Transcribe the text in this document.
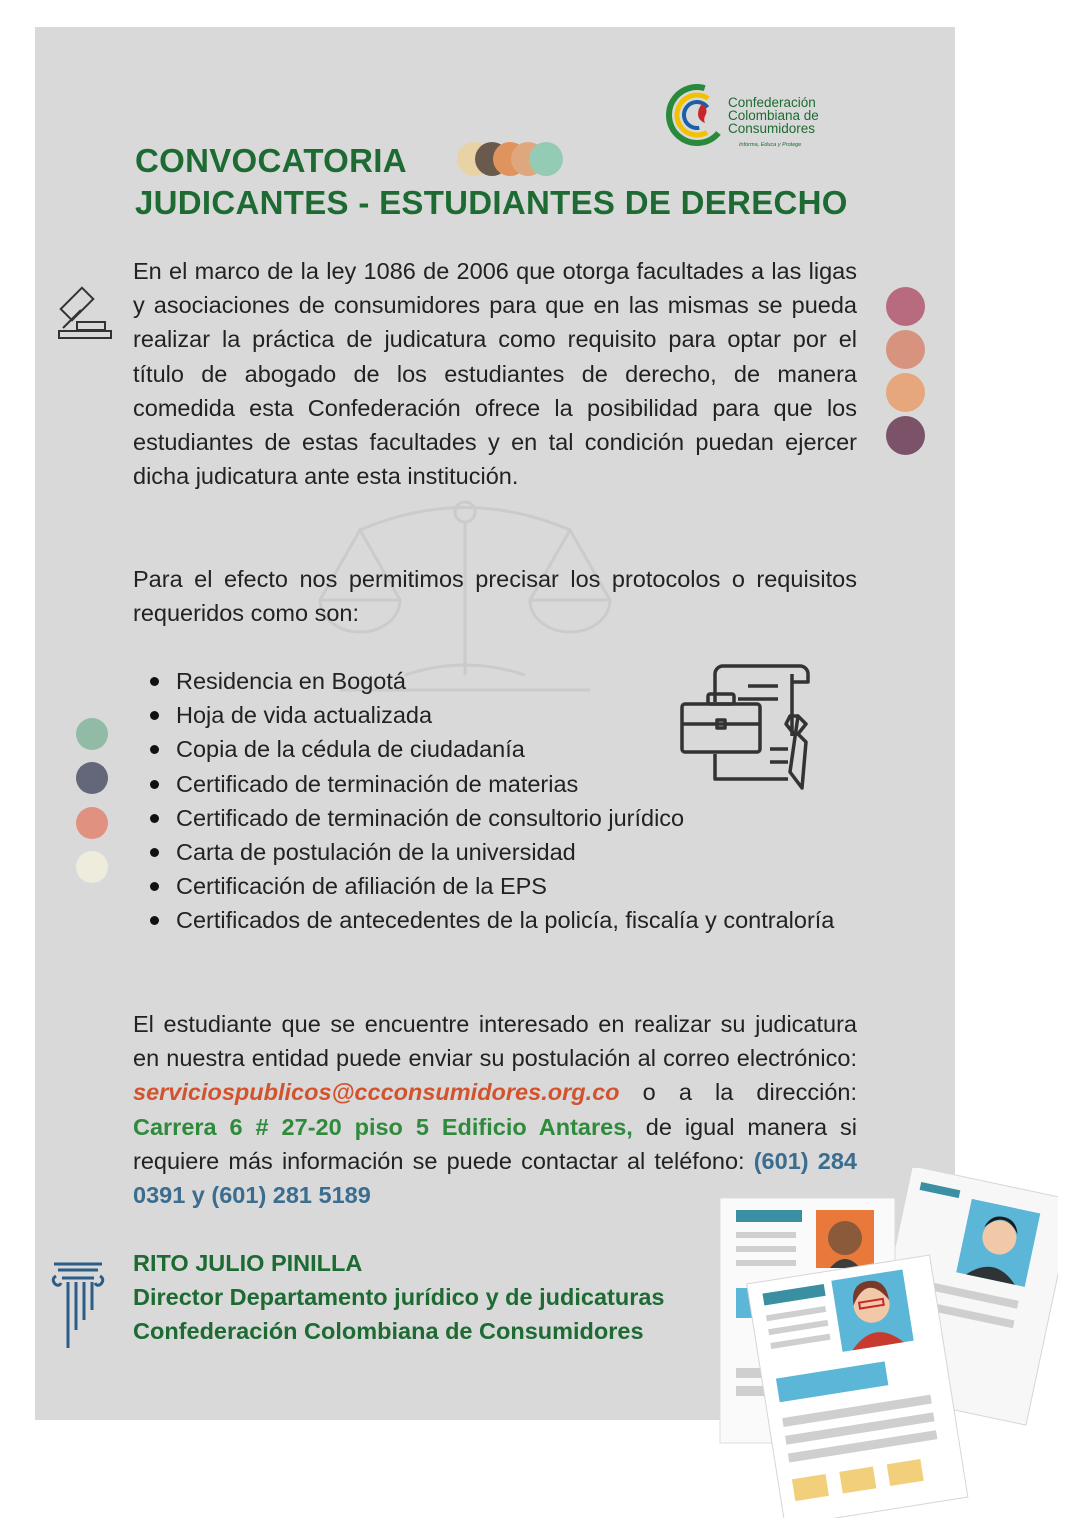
Confederación
Colombiana de
Consumidores
Informa, Educa y Protege
CONVOCATORIA
JUDICANTES - ESTUDIANTES DE DERECHO
En el marco de la ley 1086 de 2006 que otorga facultades a las ligas y asociaciones de consumidores para que en las mismas se pueda realizar la práctica de judicatura como requisito para optar por el título de abogado de los estudiantes de derecho, de manera comedida esta Confederación ofrece la posibilidad para que los estudiantes de estas facultades y en tal condición puedan ejercer dicha judicatura ante esta institución.
Para el efecto nos permitimos precisar los protocolos o requisitos requeridos como son:
Residencia en Bogotá
Hoja de vida actualizada
Copia de la cédula de ciudadanía
Certificado de terminación de materias
Certificado de terminación de consultorio jurídico
Carta de postulación de la universidad
Certificación de afiliación de la EPS
Certificados de antecedentes de la policía, fiscalía y contraloría
El estudiante que se encuentre interesado en realizar su judicatura en nuestra entidad puede enviar su postulación al correo electrónico: serviciospublicos@ccconsumidores.org.co o a la dirección: Carrera 6 # 27-20 piso 5 Edificio Antares, de igual manera si requiere más información se puede contactar al teléfono: (601) 284 0391 y (601) 281 5189
RITO JULIO PINILLA
Director Departamento jurídico y de judicaturas
Confederación Colombiana de Consumidores
